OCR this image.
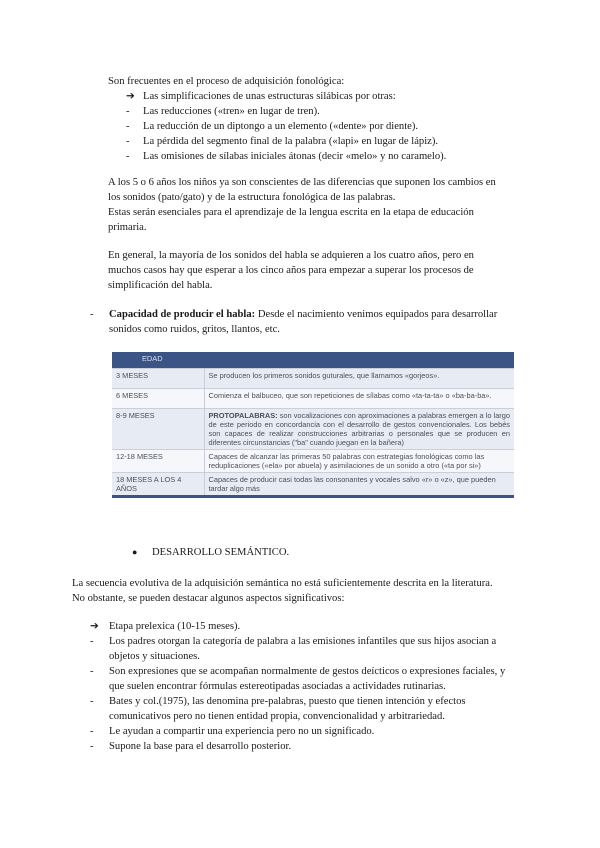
Son frecuentes en el proceso de adquisición fonológica:
➔ Las simplificaciones de unas estructuras silábicas por otras:
-	Las reducciones («tren» en lugar de tren).
-	La reducción de un diptongo a un elemento («dente» por diente).
-	La pérdida del segmento final de la palabra («lapi» en lugar de lápiz).
-	Las omisiones de sílabas iniciales átonas (decir «melo» y no caramelo).
A los 5 o 6 años los niños ya son conscientes de las diferencias que suponen los cambios en
los sonidos (pato/gato) y de la estructura fonológica de las palabras.
Estas serán esenciales para el aprendizaje de la lengua escrita en la etapa de educación
primaria.
En general, la mayoría de los sonidos del habla se adquieren a los cuatro años, pero en
muchos casos hay que esperar a los cinco años para empezar a superar los procesos de
simplificación del habla.
-	Capacidad de producir el habla: Desde el nacimiento venimos equipados para desarrollar
sonidos como ruidos, gritos, llantos, etc.
EDAD	
3 MESES	Se producen los primeros sonidos guturales, que llamamos «gorjeos».
6 MESES	Comienza el balbuceo, que son repeticiones de sílabas como «ta-ta-ta» o «ba-ba-ba».
8-9 MESES	PROTOPALABRAS: son vocalizaciones con aproximaciones a palabras emergen a lo largo de este periodo en concordancia con el desarrollo de gestos convencionales. Los bebés son capaces de realizar construcciones arbitrarias o personales que se producen en diferentes circunstancias ("ba" cuando juegan en la bañera)
12-18 MESES	Capaces de alcanzar las primeras 50 palabras con estrategias fonológicas como las reduplicaciones («ela» por abuela) y asimilaciones de un sonido a otro («ta por si»)
18 MESES A LOS 4 AÑOS	Capaces de producir casi todas las consonantes y vocales salvo «r» o «z», que pueden tardar algo más
●	DESARROLLO SEMÁNTICO.
La secuencia evolutiva de la adquisición semántica no está suficientemente descrita en la literatura.
No obstante, se pueden destacar algunos aspectos significativos:
➔ Etapa prelexica (10-15 meses).
-	Los padres otorgan la categoría de palabra a las emisiones infantiles que sus hijos asocian a
objetos y situaciones.
-	Son expresiones que se acompañan normalmente de gestos deícticos o expresiones faciales, y
que suelen encontrar fórmulas estereotipadas asociadas a actividades rutinarias.
-	Bates y col.(1975), las denomina pre-palabras, puesto que tienen intención y efectos
comunicativos pero no tienen entidad propia, convencionalidad y arbitrariedad.
-	Le ayudan a compartir una experiencia pero no un significado.
-	Supone la base para el desarrollo posterior.
